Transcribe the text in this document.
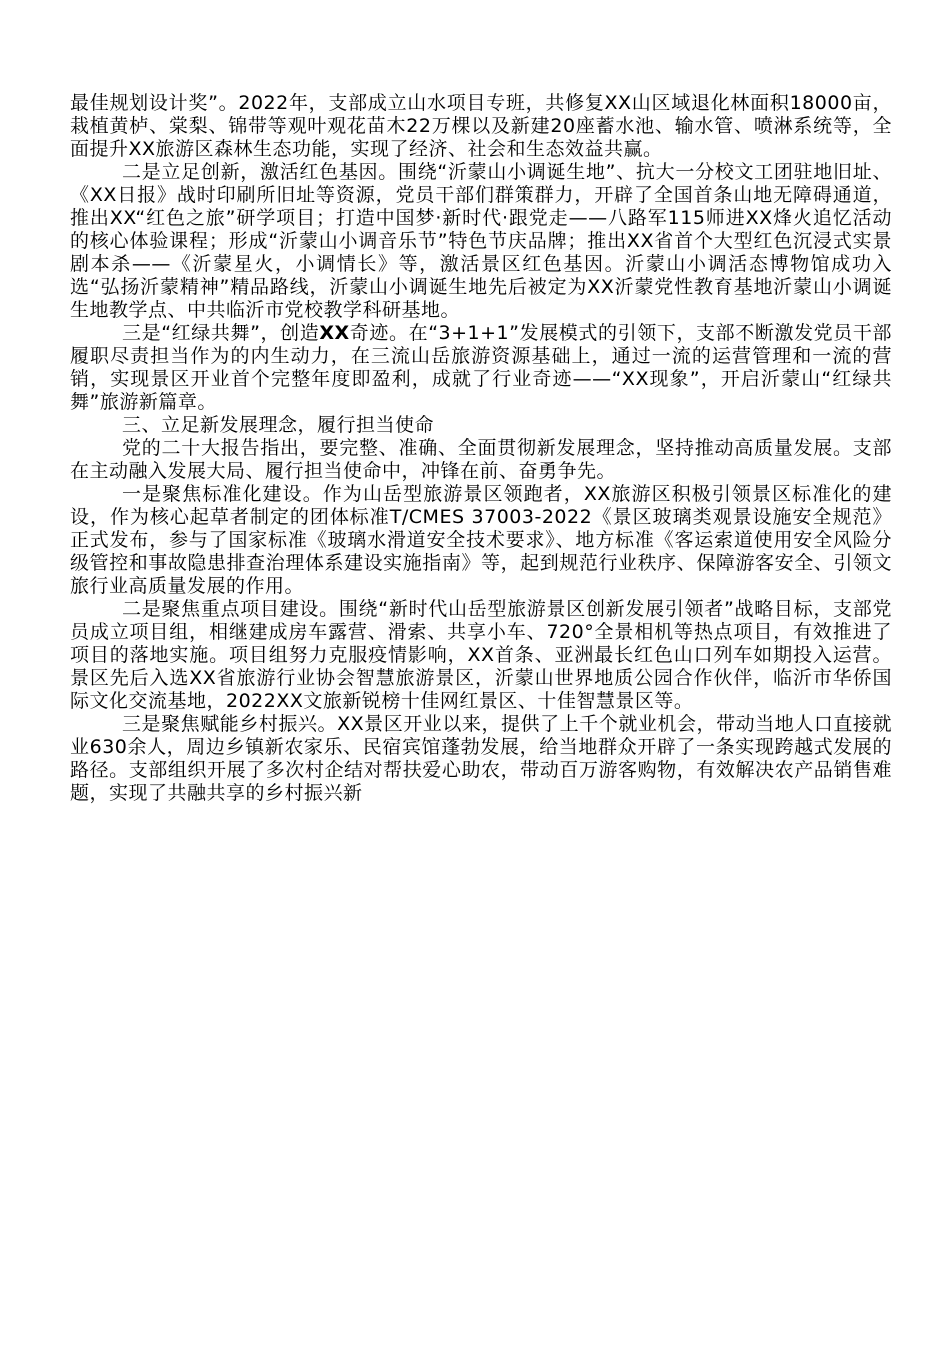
最佳规划设计奖”。2022年，支部成立山水项目专班，共修复XX山区域退化林面积18000亩，栽植黄栌、棠梨、锦带等观叶观花苗木22万棵以及新建20座蓄水池、输水管、喷淋系统等，全面提升XX旅游区森林生态功能，实现了经济、社会和生态效益共赢。

二是立足创新，激活红色基因。围绕“沂蒙山小调诞生地”、抗大一分校文工团驻地旧址、《XX日报》战时印刷所旧址等资源，党员干部们群策群力，开辟了全国首条山地无障碍通道，推出XX“红色之旅”研学项目；打造中国梦·新时代·跟党走——八路军115师进XX烽火追忆活动的核心体验课程；形成“沂蒙山小调音乐节”特色节庆品牌；推出XX省首个大型红色沉浸式实景剧本杀——《沂蒙星火，小调情长》等，激活景区红色基因。沂蒙山小调活态博物馆成功入选“弘扬沂蒙精神”精品路线，沂蒙山小调诞生地先后被定为XX沂蒙党性教育基地沂蒙山小调诞生地教学点、中共临沂市党校教学科研基地。

三是“红绿共舞”，创造XX奇迹。在“3+1+1”发展模式的引领下，支部不断激发党员干部履职尽责担当作为的内生动力，在三流山岳旅游资源基础上，通过一流的运营管理和一流的营销，实现景区开业首个完整年度即盈利，成就了行业奇迹——“XX现象”，开启沂蒙山“红绿共舞”旅游新篇章。

三、立足新发展理念，履行担当使命

党的二十大报告指出，要完整、准确、全面贯彻新发展理念，坚持推动高质量发展。支部在主动融入发展大局、履行担当使命中，冲锋在前、奋勇争先。

一是聚焦标准化建设。作为山岳型旅游景区领跑者，XX旅游区积极引领景区标准化的建设，作为核心起草者制定的团体标准T/CMES 37003-2022《景区玻璃类观景设施安全规范》正式发布，参与了国家标准《玻璃水滑道安全技术要求》、地方标准《客运索道使用安全风险分级管控和事故隐患排查治理体系建设实施指南》等，起到规范行业秩序、保障游客安全、引领文旅行业高质量发展的作用。

二是聚焦重点项目建设。围绕“新时代山岳型旅游景区创新发展引领者”战略目标，支部党员成立项目组，相继建成房车露营、滑索、共享小车、720°全景相机等热点项目，有效推进了项目的落地实施。项目组努力克服疫情影响，XX首条、亚洲最长红色山口列车如期投入运营。景区先后入选XX省旅游行业协会智慧旅游景区，沂蒙山世界地质公园合作伙伴，临沂市华侨国际文化交流基地，2022XX文旅新锐榜十佳网红景区、十佳智慧景区等。

三是聚焦赋能乡村振兴。XX景区开业以来，提供了上千个就业机会，带动当地人口直接就业630余人，周边乡镇新农家乐、民宿宾馆蓬勃发展，给当地群众开辟了一条实现跨越式发展的路径。支部组织开展了多次村企结对帮扶爱心助农，带动百万游客购物，有效解决农产品销售难题，实现了共融共享的乡村振兴新
